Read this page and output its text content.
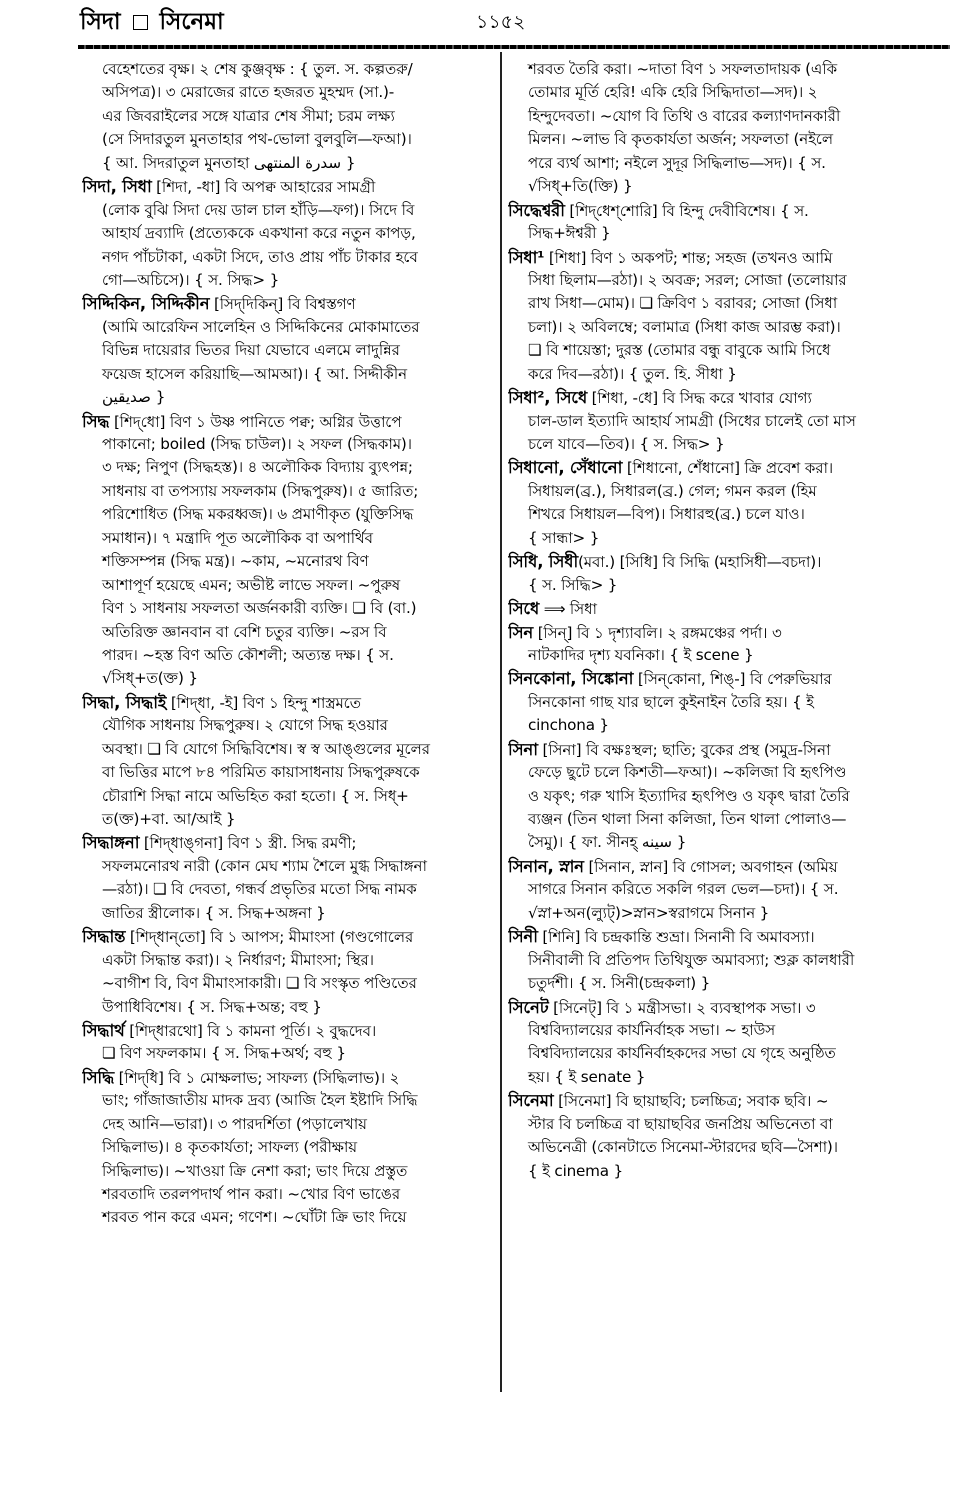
সিদা সিনেমা	১১৫২
বেহেশতের বৃক্ষ। ২ শেষ কুঞ্জবৃক্ষ : { তুল. স. কল্পতরু/
অসিপত্র)। ৩ মেরাজের রাতে হজরত মুহম্মদ (সা.)-
এর জিবরাইলের সঙ্গে যাত্রার শেষ সীমা; চরম লক্ষ্য
(সে সিদারতুল মুনতাহার পথ-ভোলা বুলবুলি—ফআ)।
{ আ. সিদরাতুল মুনতাহা سدرة المنتهى }
সিদা, সিধা [শিদা, -ধা] বি অপক্ব আহারের সামগ্রী
(লোক বুঝি সিদা দেয় ডাল চাল হাঁড়ি—ফগ)। সিদে বি
আহার্য দ্রব্যাদি (প্রত্যেককে একখানা করে নতুন কাপড়,
নগদ পাঁচটাকা, একটা সিদে, তাও প্রায় পাঁচ টাকার হবে
গো—অচিসে)। { স. সিদ্ধ> }
সিদ্দিকিন, সিদ্দিকীন [সিদ্‌দিকিন্] বি বিশ্বস্তগণ
(আমি আরেফিন সালেহিন ও সিদ্দিকিনের মোকামাতের
বিভিন্ন দায়েরার ভিতর দিয়া যেভাবে এলমে লাদুন্নির
ফয়েজ হাসেল করিয়াছি—আমআ)। { আ. সিদ্দীকীন
صديقين }
সিদ্ধ [শিদ্‌ধো] বিণ ১ উষ্ণ পানিতে পক্ব; অগ্নির উত্তাপে
পাকানো; boiled (সিদ্ধ চাউল)। ২ সফল (সিদ্ধকাম)।
৩ দক্ষ; নিপুণ (সিদ্ধহস্ত)। ৪ অলৌকিক বিদ্যায় ব্যুৎপন্ন;
সাধনায় বা তপস্যায় সফলকাম (সিদ্ধপুরুষ)। ৫ জারিত;
পরিশোধিত (সিদ্ধ মকরধ্বজ)। ৬ প্রমাণীকৃত (যুক্তিসিদ্ধ
সমাধান)। ৭ মন্ত্রাদি পূত অলৌকিক বা অপার্থিব
শক্তিসম্পন্ন (সিদ্ধ মন্ত্র)। ~কাম, ~মনোরথ বিণ
আশাপূর্ণ হয়েছে এমন; অভীষ্ট লাভে সফল। ~পুরুষ
বিণ ১ সাধনায় সফলতা অর্জনকারী ব্যক্তি। ❏ বি (বা.)
অতিরিক্ত জ্ঞানবান বা বেশি চতুর ব্যক্তি। ~রস বি
পারদ। ~হস্ত বিণ অতি কৌশলী; অত্যন্ত দক্ষ। { স.
√সিধ্+ত(ক্ত) }
সিদ্ধা, সিদ্ধাই [শিদ্‌ধা, -ই] বিণ ১ হিন্দু শাস্ত্রমতে
যৌগিক সাধনায় সিদ্ধপুরুষ। ২ যোগে সিদ্ধ হওয়ার
অবস্থা। ❏ বি যোগে সিদ্ধিবিশেষ। স্ব স্ব আঙ্গুলের মূলের
বা ভিত্তির মাপে ৮৪ পরিমিত কায়াসাধনায় সিদ্ধপুরুষকে
চৌরাশি সিদ্ধা নামে অভিহিত করা হতো। { স. সিধ্+
ত(ক্ত)+বা. আ/আই }
সিদ্ধাঙ্গনা [শিদ্‌ধাঙ্‌গনা] বিণ ১ স্ত্রী. সিদ্ধ রমণী;
সফলমনোরথ নারী (কোন মেঘ শ্যাম শৈলে মুগ্ধ সিদ্ধাঙ্গনা
—রঠা)। ❏ বি দেবতা, গন্ধর্ব প্রভৃতির মতো সিদ্ধ নামক
জাতির স্ত্রীলোক। { স. সিদ্ধ+অঙ্গনা }
সিদ্ধান্ত [শিদ্‌ধান্‌তো] বি ১ আপস; মীমাংসা (গণ্ডগোলের
একটা সিদ্ধান্ত করা)। ২ নির্ধারণ; মীমাংসা; স্থির।
~বাগীশ বি, বিণ মীমাংসাকারী। ❏ বি সংস্কৃত পণ্ডিতের
উপাধিবিশেষ। { স. সিদ্ধ+অন্ত; বহু }
সিদ্ধার্থ [শিদ্‌ধারথো] বি ১ কামনা পূর্তি। ২ বুদ্ধদেব।
❏ বিণ সফলকাম। { স. সিদ্ধ+অর্থ; বহু }
সিদ্ধি [শিদ্‌ধি] বি ১ মোক্ষলাভ; সাফল্য (সিদ্ধিলাভ)। ২
ভাং; গাঁজাজাতীয় মাদক দ্রব্য (আজি হৈল ইষ্টাদি সিদ্ধি
দেহ আনি—ভারা)। ৩ পারদর্শিতা (পড়ালেখায়
সিদ্ধিলাভ)। ৪ কৃতকার্যতা; সাফল্য (পরীক্ষায়
সিদ্ধিলাভ)। ~খাওয়া ক্রি নেশা করা; ভাং দিয়ে প্রস্তুত
শরবতাদি তরলপদার্থ পান করা। ~খোর বিণ ভাঙের
শরবত পান করে এমন; গণেশ। ~ঘোঁটা ক্রি ভাং দিয়ে
শরবত তৈরি করা। ~দাতা বিণ ১ সফলতাদায়ক (একি
তোমার মূর্তি হেরি! একি হেরি সিদ্ধিদাতা—সদ)। ২
হিন্দুদেবতা। ~যোগ বি তিথি ও বারের কল্যাণদানকারী
মিলন। ~লাভ বি কৃতকার্যতা অর্জন; সফলতা (নইলে
পরে ব্যর্থ আশা; নইলে সুদূর সিদ্ধিলাভ—সদ)। { স.
√সিধ্+তি(ক্তি) }
সিদ্ধেশ্বরী [শিদ্‌ধেশ্‌শোরি] বি হিন্দু দেবীবিশেষ। { স.
সিদ্ধ+ঈশ্বরী }
সিধা¹ [শিধা] বিণ ১ অকপট; শান্ত; সহজ (তখনও আমি
সিধা ছিলাম—রঠা)। ২ অবক্র; সরল; সোজা (তলোয়ার
রাখ সিধা—মোম)। ❏ ক্রিবিণ ১ বরাবর; সোজা (সিধা
চলা)। ২ অবিলম্বে; বলামাত্র (সিধা কাজ আরম্ভ করা)।
❏ বি শায়েস্তা; দুরস্ত (তোমার বন্ধু বাবুকে আমি সিধে
করে দিব—রঠা)। { তুল. হি. সীধা }
সিধা², সিধে [শিধা, -ধে] বি সিদ্ধ করে খাবার যোগ্য
চাল-ডাল ইত্যাদি আহার্য সামগ্রী (সিধের চালেই তো মাস
চলে যাবে—তিব)। { স. সিদ্ধ> }
সিধানো, সেঁধানো [শিধানো, শেঁধানো] ক্রি প্রবেশ করা।
সিধায়ল(ব্র.), সিধারল(ব্র.) গেল; গমন করল (হিম
শিখরে সিধায়ল—বিপ)। সিধারহু(ব্র.) চলে যাও।
{ সান্ধা> }
সিধি, সিধী(মবা.) [সিধি] বি সিদ্ধি (মহাসিধী—বচদা)।
{ স. সিদ্ধি> }
সিধে ⟹ সিধা
সিন [সিন্] বি ১ দৃশ্যাবলি। ২ রঙ্গমঞ্চের পর্দা। ৩
নাটকাদির দৃশ্য যবনিকা। { ই scene }
সিনকোনা, সিঙ্কোনা [সিন্‌কোনা, শিঙ্-] বি পেরুভিয়ার
সিনকোনা গাছ যার ছালে কুইনাইন তৈরি হয়। { ই
cinchona }
সিনা [সিনা] বি বক্ষঃস্থল; ছাতি; বুকের প্রস্থ (সমুদ্র-সিনা
ফেড়ে ছুটে চলে কিশতী—ফআ)। ~কলিজা বি হৃৎপিণ্ড
ও যকৃৎ; গরু খাসি ইত্যাদির হৃৎপিণ্ড ও যকৃৎ দ্বারা তৈরি
ব্যঞ্জন (তিন থালা সিনা কলিজা, তিন থালা পোলাও—
সৈমু)। { ফা. সীনহ্ سينه }
সিনান, স্নান [সিনান, স্নান] বি গোসল; অবগাহন (অমিয়
সাগরে সিনান করিতে সকলি গরল ভেল—চদা)। { স.
√স্না+অন(ল্যুট্)>স্নান>স্বরাগমে সিনান }
সিনী [শিনি] বি চন্দ্রকান্তি শুভ্রা। সিনানী বি অমাবস্যা।
সিনীবালী বি প্রতিপদ তিথিযুক্ত অমাবস্যা; শুক্ল কালধারী
চতুর্দশী। { স. সিনী(চন্দ্রকলা) }
সিনেট [সিনেট্] বি ১ মন্ত্রীসভা। ২ ব্যবস্থাপক সভা। ৩
বিশ্ববিদ্যালয়ের কার্যনির্বাহক সভা। ~ হাউস
বিশ্ববিদ্যালয়ের কার্যনির্বাহকদের সভা যে গৃহে অনুষ্ঠিত
হয়। { ই senate }
সিনেমা [সিনেমা] বি ছায়াছবি; চলচ্চিত্র; সবাক ছবি। ~
স্টার বি চলচ্চিত্র বা ছায়াছবির জনপ্রিয় অভিনেতা বা
অভিনেত্রী (কোনটাতে সিনেমা-স্টারদের ছবি—সৈশা)।
{ ই cinema }
